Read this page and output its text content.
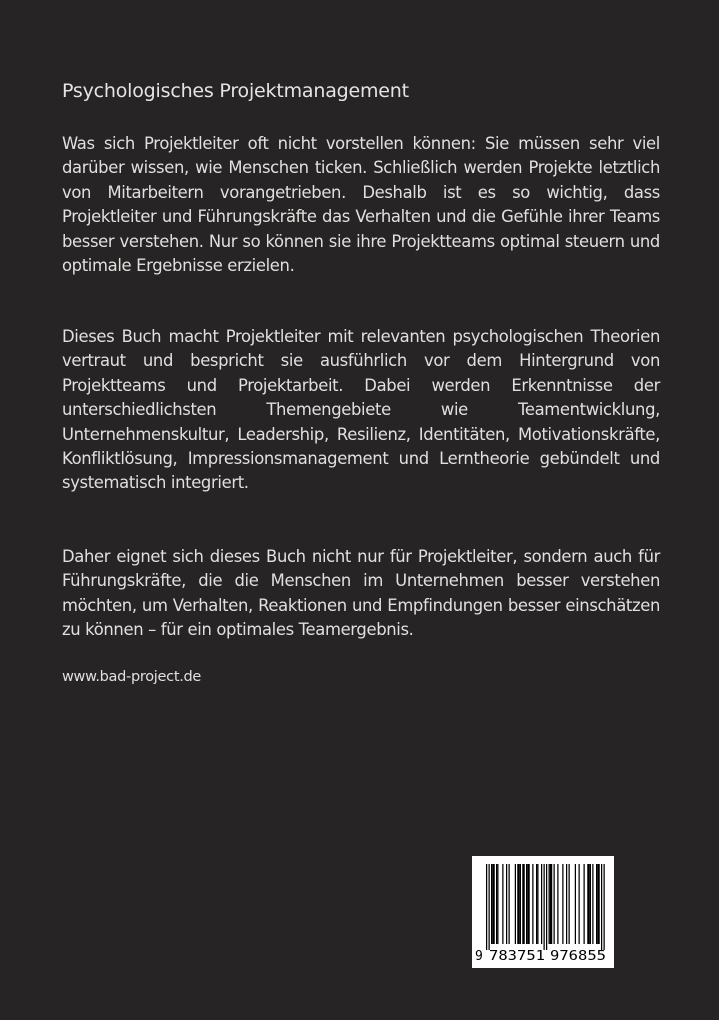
Psychologisches Projektmanagement

Was sich Projektleiter oft nicht vorstellen können: Sie müssen sehr viel darüber wissen, wie Menschen ticken. Schließlich werden Projekte letztlich von Mitarbeitern vorangetrieben. Deshalb ist es so wichtig, dass Projektleiter und Führungskräfte das Verhalten und die Gefühle ihrer Teams besser verstehen. Nur so können sie ihre Projektteams optimal steuern und optimale Ergebnisse erzielen.

Dieses Buch macht Projektleiter mit relevanten psychologischen Theorien vertraut und bespricht sie ausführlich vor dem Hintergrund von Projektteams und Projektarbeit. Dabei werden Erkenntnisse der unterschiedlichsten Themengebiete wie Teamentwicklung, Unternehmenskultur, Leadership, Resilienz, Identitäten, Motivationskräfte, Konfliktlösung, Impressionsmanagement und Lerntheorie gebündelt und systematisch integriert.

Daher eignet sich dieses Buch nicht nur für Projektleiter, sondern auch für Führungskräfte, die die Menschen im Unternehmen besser verstehen möchten, um Verhalten, Reaktionen und Empfindungen besser einschätzen zu können – für ein optimales Teamergebnis.

www.bad-project.de
9 783751 976855
